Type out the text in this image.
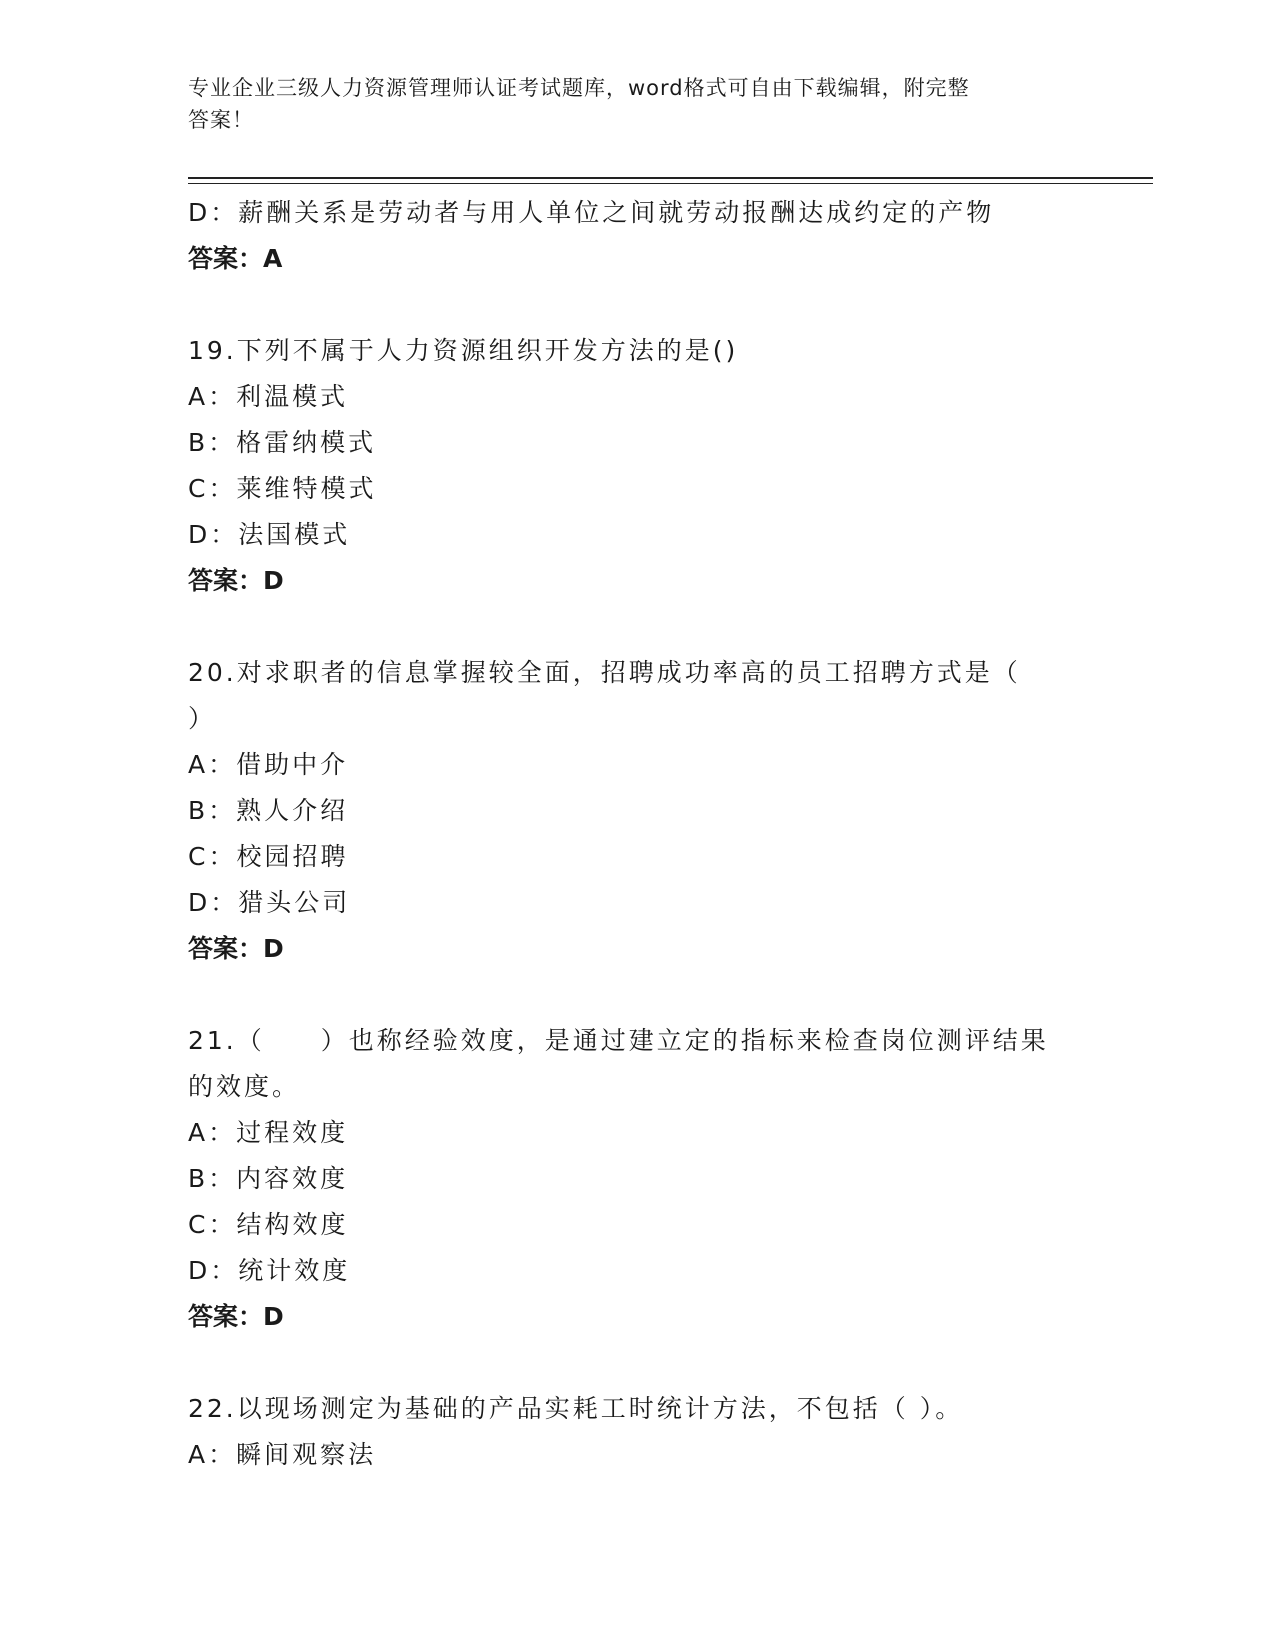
专业企业三级人力资源管理师认证考试题库，word格式可自由下载编辑，附完整
答案！
D：薪酬关系是劳动者与用人单位之间就劳动报酬达成约定的产物
答案：A
19.下列不属于人力资源组织开发方法的是()
A：利温模式
B：格雷纳模式
C：莱维特模式
D：法国模式
答案：D
20.对求职者的信息掌握较全面，招聘成功率高的员工招聘方式是（
）
A：借助中介
B：熟人介绍
C：校园招聘
D：猎头公司
答案：D
21.（　　）也称经验效度，是通过建立定的指标来检查岗位测评结果
的效度。
A：过程效度
B：内容效度
C：结构效度
D：统计效度
答案：D
22.以现场测定为基础的产品实耗工时统计方法，不包括（ ）。
A：瞬间观察法
